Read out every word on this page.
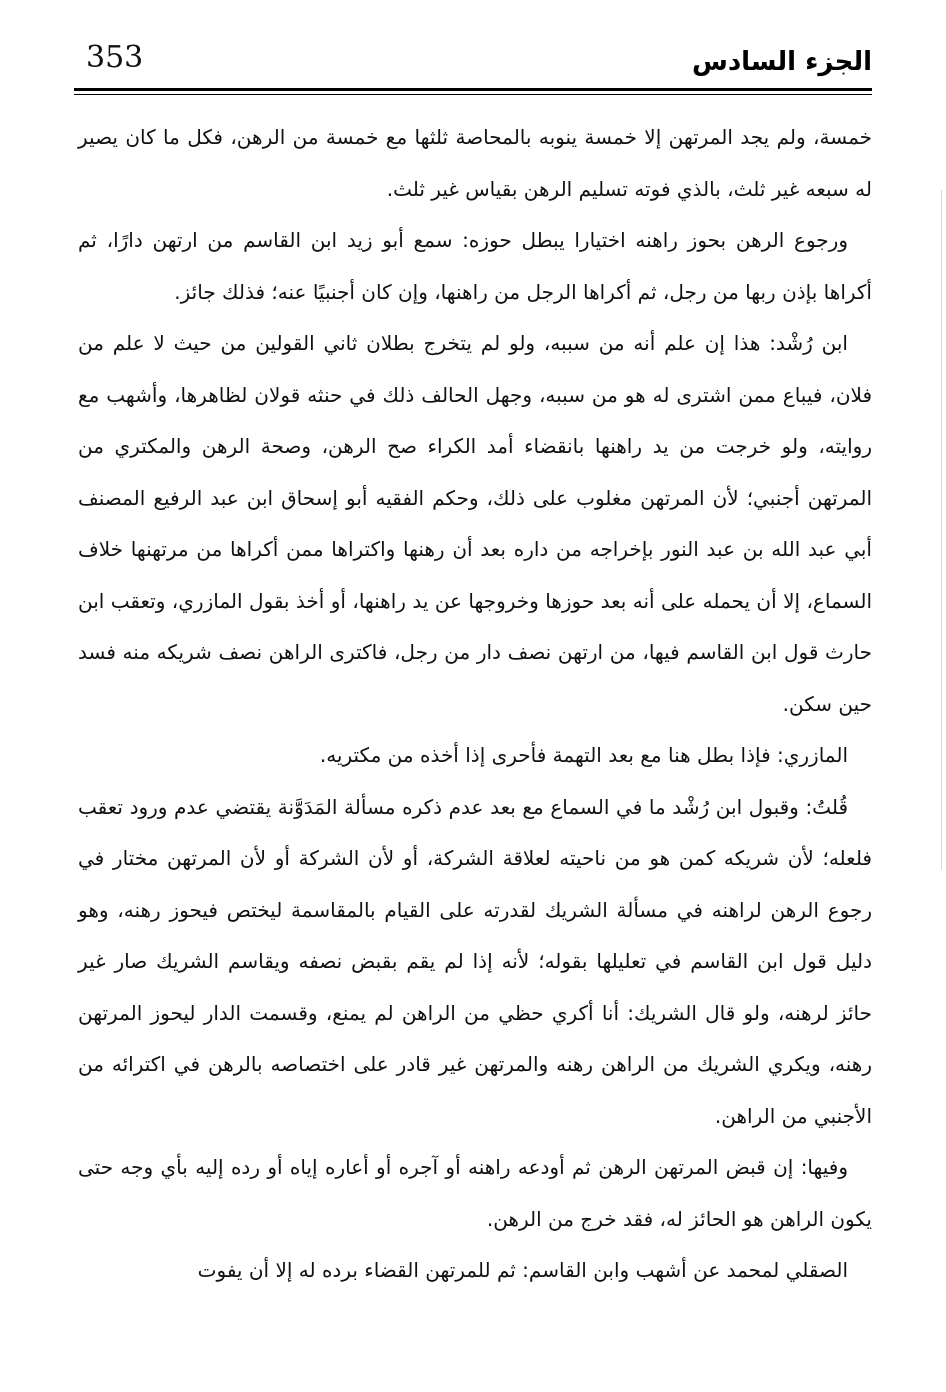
353	الجزء السادس

خمسة، ولم يجد المرتهن إلا خمسة ينوبه بالمحاصة ثلثها مع خمسة من الرهن، فكل ما كان يصير له سبعه غير ثلث، بالذي فوته تسليم الرهن بقياس غير ثلث.

ورجوع الرهن بحوز راهنه اختيارا يبطل حوزه: سمع أبو زيد ابن القاسم من ارتهن دارًا، ثم أكراها بإذن ربها من رجل، ثم أكراها الرجل من راهنها، وإن كان أجنبيًا عنه؛ فذلك جائز.

ابن رُشْد: هذا إن علم أنه من سببه، ولو لم يتخرج بطلان ثاني القولين من حيث لا علم من فلان، فيباع ممن اشترى له هو من سببه، وجهل الحالف ذلك في حنثه قولان لظاهرها، وأشهب مع روايته، ولو خرجت من يد راهنها بانقضاء أمد الكراء صح الرهن، وصحة الرهن والمكتري من المرتهن أجنبي؛ لأن المرتهن مغلوب على ذلك، وحكم الفقيه أبو إسحاق ابن عبد الرفيع المصنف أبي عبد الله بن عبد النور بإخراجه من داره بعد أن رهنها واكتراها ممن أكراها من مرتهنها خلاف السماع، إلا أن يحمله على أنه بعد حوزها وخروجها عن يد راهنها، أو أخذ بقول المازري، وتعقب ابن حارث قول ابن القاسم فيها، من ارتهن نصف دار من رجل، فاكترى الراهن نصف شريكه منه فسد حين سكن.

المازري: فإذا بطل هنا مع بعد التهمة فأحرى إذا أخذه من مكتريه.

قُلتُ: وقبول ابن رُشْد ما في السماع مع بعد عدم ذكره مسألة المَدَوَّنة يقتضي عدم ورود تعقب فلعله؛ لأن شريكه كمن هو من ناحيته لعلاقة الشركة، أو لأن الشركة أو لأن المرتهن مختار في رجوع الرهن لراهنه في مسألة الشريك لقدرته على القيام بالمقاسمة ليختص فيحوز رهنه، وهو دليل قول ابن القاسم في تعليلها بقوله؛ لأنه إذا لم يقم بقبض نصفه ويقاسم الشريك صار غير حائز لرهنه، ولو قال الشريك: أنا أكري حظي من الراهن لم يمنع، وقسمت الدار ليحوز المرتهن رهنه، ويكري الشريك من الراهن رهنه والمرتهن غير قادر على اختصاصه بالرهن في اكترائه من الأجنبي من الراهن.

وفيها: إن قبض المرتهن الرهن ثم أودعه راهنه أو آجره أو أعاره إياه أو رده إليه بأي وجه حتى يكون الراهن هو الحائز له، فقد خرج من الرهن.

الصقلي لمحمد عن أشهب وابن القاسم: ثم للمرتهن القضاء برده له إلا أن يفوت
